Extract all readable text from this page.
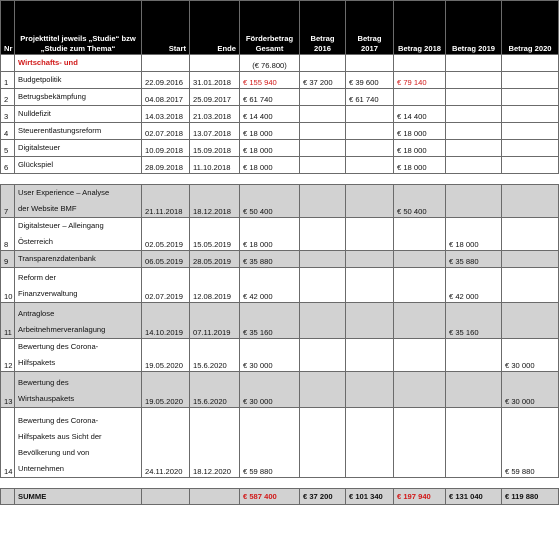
Nr	Projekttitel jeweils „Studie“ bzw „Studie zum Thema“	Start	Ende	Förderbetrag Gesamt	Betrag 2016	Betrag 2017	Betrag 2018	Betrag 2019	Betrag 2020

	Wirtschafts- und			(€ 76.800)					
1	Budgetpolitik	22.09.2016	31.01.2018	€ 155 940	€ 37 200	€ 39 600	€ 79 140		
2	Betrugsbekämpfung	04.08.2017	25.09.2017	€ 61 740		€ 61 740			
3	Nulldefizit	14.03.2018	21.03.2018	€ 14 400			€ 14 400		
4	Steuerentlastungsreform	02.07.2018	13.07.2018	€ 18 000			€ 18 000		
5	Digitalsteuer	10.09.2018	15.09.2018	€ 18 000			€ 18 000		
6	Glückspiel	28.09.2018	11.10.2018	€ 18 000			€ 18 000		

7	User Experience – Analyse
der Website BMF	21.11.2018	18.12.2018	€ 50 400			€ 50 400		
8	Digitalsteuer – Alleingang
Österreich	02.05.2019	15.05.2019	€ 18 000				€ 18 000	
9	Transparenzdatenbank	06.05.2019	28.05.2019	€ 35 880				€ 35 880	
10	Reform der
Finanzverwaltung	02.07.2019	12.08.2019	€ 42 000				€ 42 000	
11	Antraglose
Arbeitnehmerveranlagung	14.10.2019	07.11.2019	€ 35 160				€ 35 160	
12	Bewertung des Corona-
Hilfspakets	19.05.2020	15.6.2020	€ 30 000					€ 30 000
13	Bewertung des
Wirtshauspakets	19.05.2020	15.6.2020	€ 30 000					€ 30 000
14	Bewertung des Corona-
Hilfspakets aus Sicht der
Bevölkerung und von
Unternehmen	24.11.2020	18.12.2020	€ 59 880					€ 59 880

	SUMME			€ 587 400	€ 37 200	€ 101 340	€ 197 940	€ 131 040	€ 119 880
